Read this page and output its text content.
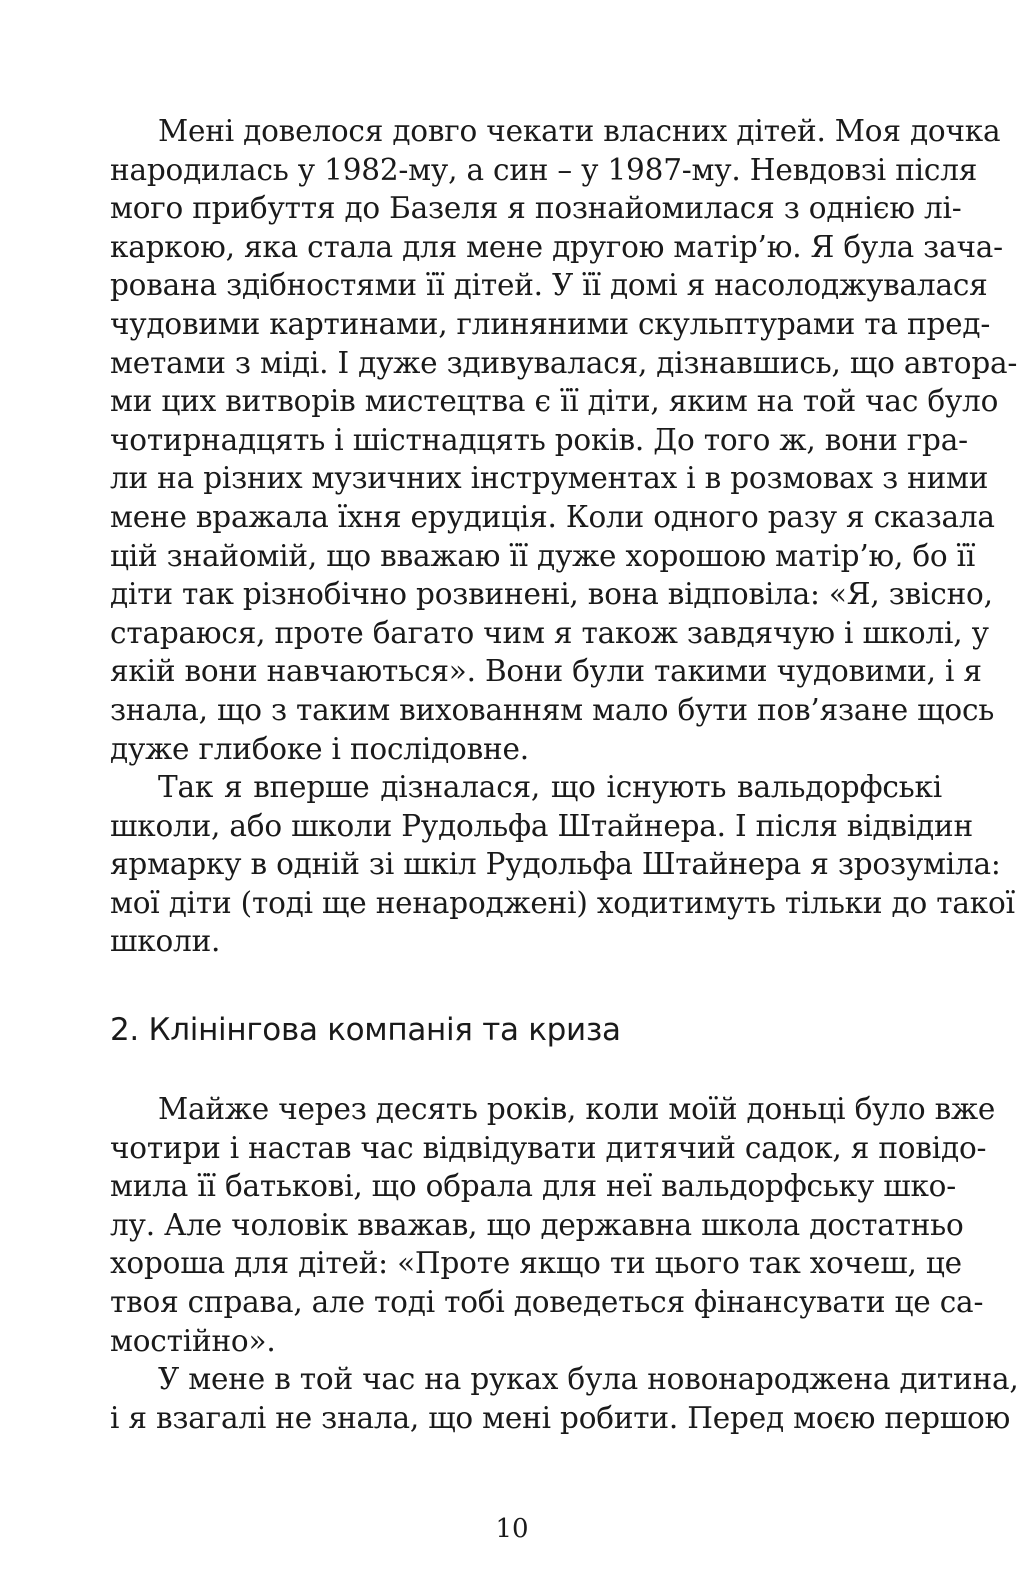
Мені довелося довго чекати власних дітей. Моя дочка
народилась у 1982-му, а син – у 1987-му. Невдовзі після
мого прибуття до Базеля я познайомилася з однією лі-
каркою, яка стала для мене другою матір’ю. Я була зача-
рована здібностями її дітей. У її домі я насолоджувалася
чудовими картинами, глиняними скульптурами та пред-
метами з міді. І дуже здивувалася, дізнавшись, що автора-
ми цих витворів мистецтва є її діти, яким на той час було
чотирнадцять і шістнадцять років. До того ж, вони гра-
ли на різних музичних інструментах і в розмовах з ними
мене вражала їхня ерудиція. Коли одного разу я сказала
цій знайомій, що вважаю її дуже хорошою матір’ю, бо її
діти так різнобічно розвинені, вона відповіла: «Я, звісно,
стараюся, проте багато чим я також завдячую і школі, у
якій вони навчаються». Вони були такими чудовими, і я
знала, що з таким вихованням мало бути пов’язане щось
дуже глибоке і послідовне.
Так я вперше дізналася, що існують вальдорфські
школи, або школи Рудольфа Штайнера. І після відвідин
ярмарку в одній зі шкіл Рудольфа Штайнера я зрозуміла:
мої діти (тоді ще ненароджені) ходитимуть тільки до такої
школи.
2. Клінінгова компанія та криза
Майже через десять років, коли моїй доньці було вже
чотири і настав час відвідувати дитячий садок, я повідо-
мила її батькові, що обрала для неї вальдорфську шко-
лу. Але чоловік вважав, що державна школа достатньо
хороша для дітей: «Проте якщо ти цього так хочеш, це
твоя справа, але тоді тобі доведеться фінансувати це са-
мостійно».
У мене в той час на руках була новонароджена дитина,
і я взагалі не знала, що мені робити. Перед моєю першою
10
